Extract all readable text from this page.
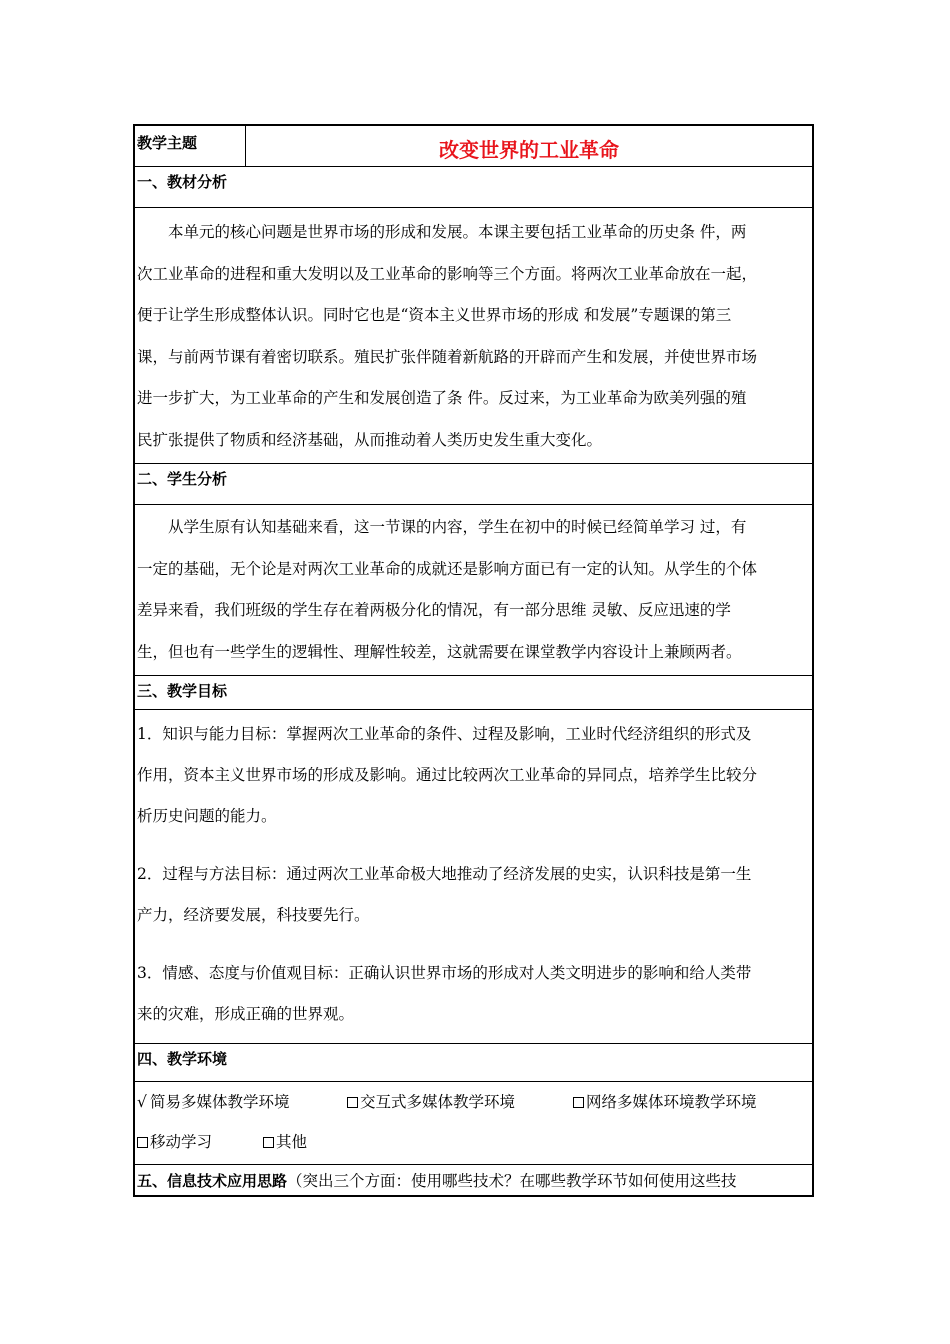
教学主题	改变世界的工业革命
一、教材分析
本单元的核心问题是世界市场的形成和发展。本课主要包括工业革命的历史条 件，两
次工业革命的进程和重大发明以及工业革命的影响等三个方面。将两次工业革命放在一起，
便于让学生形成整体认识。同时它也是“资本主义世界市场的形成 和发展”专题课的第三
课，与前两节课有着密切联系。殖民扩张伴随着新航路的开辟而产生和发展，并使世界市场
进一步扩大，为工业革命的产生和发展创造了条 件。反过来，为工业革命为欧美列强的殖
民扩张提供了物质和经济基础，从而推动着人类历史发生重大变化。
二、学生分析
从学生原有认知基础来看，这一节课的内容，学生在初中的时候已经简单学习 过，有
一定的基础，无个论是对两次工业革命的成就还是影响方面已有一定的认知。从学生的个体
差异来看，我们班级的学生存在着两极分化的情况，有一部分思维 灵敏、反应迅速的学
生，但也有一些学生的逻辑性、理解性较差，这就需要在课堂教学内容设计上兼顾两者。
三、教学目标
1．知识与能力目标：掌握两次工业革命的条件、过程及影响，工业时代经济组织的形式及
作用，资本主义世界市场的形成及影响。通过比较两次工业革命的异同点，培养学生比较分
析历史问题的能力。
2．过程与方法目标：通过两次工业革命极大地推动了经济发展的史实，认识科技是第一生
产力，经济要发展，科技要先行。
3．情感、态度与价值观目标：正确认识世界市场的形成对人类文明进步的影响和给人类带
来的灾难，形成正确的世界观。
四、教学环境
√ 简易多媒体教学环境	交互式多媒体教学环境	网络多媒体环境教学环境
移动学习	其他
五、信息技术应用思路（突出三个方面：使用哪些技术？在哪些教学环节如何使用这些技
